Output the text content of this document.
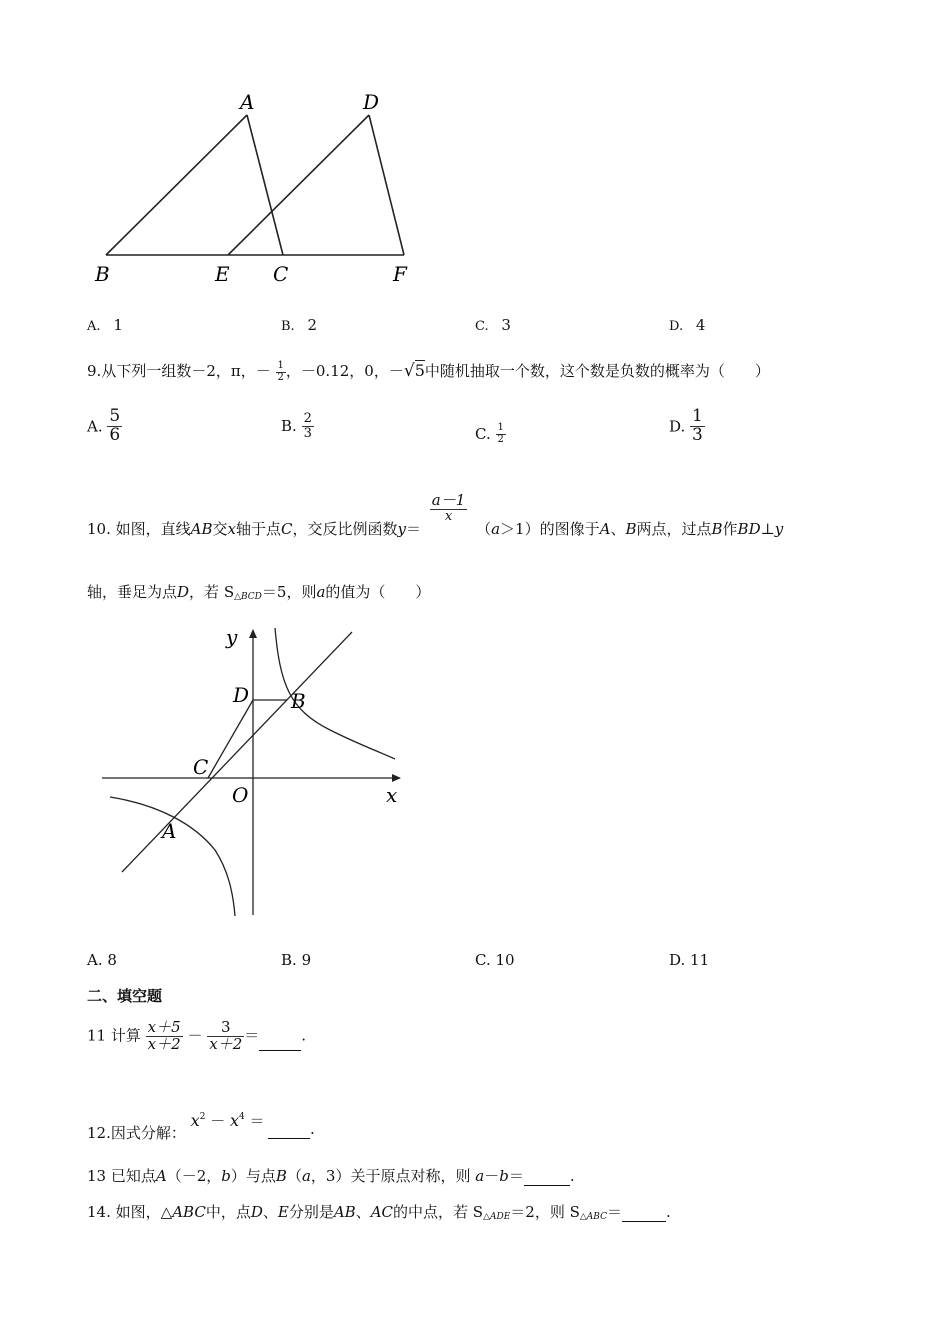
A	D
B	E C	F
A. 1	B. 2	C. 3	D. 4
9.从下列一组数－2，π，－ $\frac{1}{2}$ ，－0.12，0，－√5中随机抽取一个数，这个数是负数的概率为（　　）
A. $\frac{5}{6}$	B. $\frac{2}{3}$	C. $\frac{1}{2}$	D. $\frac{1}{3}$
10. 如图，直线AB交x轴于点C，交反比例函数y＝
$\frac{a-1}{x}$
（a＞1）的图像于A、B两点，过点B作BD⊥y
轴，垂足为点D，若 $S_{\triangle BCD}=5$，则a的值为（　　）
y
D B
C
O	x
A
A. 8	B. 9	C. 10	D. 11
二、填空题
11 计算 $\frac{x+5}{x+2} - \frac{3}{x+2}$ ＝	.
12.因式分解： $x^2 - x^4$ ＝	.
13 已知点A（－2，b）与点B（a，3）关于原点对称，则 a－b＝	.
14. 如图，△ABC中，点D、E分别是AB、AC的中点，若 $S_{\triangle ADE}=2$，则 $S_{\triangle ABC}=$	.
